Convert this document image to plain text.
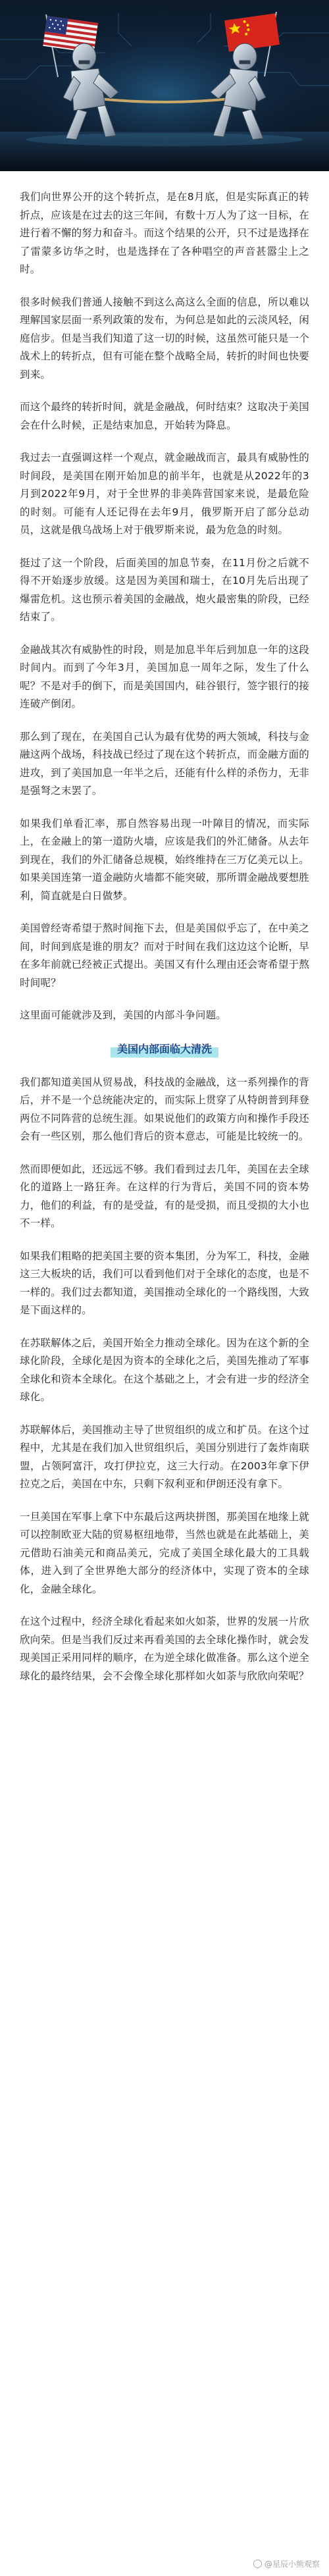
我们向世界公开的这个转折点，是在8月底，但是实际真正的转折点，应该是在过去的这三年间，有数十万人为了这一目标，在进行着不懈的努力和奋斗。而这个结果的公开，只不过是选择在了雷蒙多访华之时，也是选择在了各种唱空的声音甚嚣尘上之时。

很多时候我们普通人接触不到这么高这么全面的信息，所以难以理解国家层面一系列政策的发布，为何总是如此的云淡风轻，闲庭信步。但是当我们知道了这一切的时候，这虽然可能只是一个战术上的转折点，但有可能在整个战略全局，转折的时间也快要到来。

而这个最终的转折时间，就是金融战，何时结束？这取决于美国会在什么时候，正是结束加息，开始转为降息。

我过去一直强调这样一个观点，就金融战而言，最具有威胁性的时间段，是美国在刚开始加息的前半年，也就是从2022年的3月到2022年9月，对于全世界的非美阵营国家来说，是最危险的时刻。可能有人还记得在去年9月，俄罗斯开启了部分总动员，这就是俄乌战场上对于俄罗斯来说，最为危急的时刻。

挺过了这一个阶段，后面美国的加息节奏，在11月份之后就不得不开始逐步放缓。这是因为美国和瑞士，在10月先后出现了爆雷危机。这也预示着美国的金融战，炮火最密集的阶段，已经结束了。

金融战其次有威胁性的时段，则是加息半年后到加息一年的这段时间内。而到了今年3月，美国加息一周年之际，发生了什么呢？不是对手的倒下，而是美国国内，硅谷银行，签字银行的接连破产倒闭。

那么到了现在，在美国自己认为最有优势的两大领域，科技与金融这两个战场，科技战已经过了现在这个转折点，而金融方面的进攻，到了美国加息一年半之后，还能有什么样的杀伤力，无非是强弩之末罢了。

如果我们单看汇率，那自然容易出现一叶障目的情况，而实际上，在金融上的第一道防火墙，应该是我们的外汇储备。从去年到现在，我们的外汇储备总规模，始终维持在三万亿美元以上。如果美国连第一道金融防火墙都不能突破，那所谓金融战要想胜利，简直就是白日做梦。

美国曾经寄希望于熬时间拖下去，但是美国似乎忘了，在中美之间，时间到底是谁的朋友？而对于时间在我们这边这个论断，早在多年前就已经被正式提出。美国又有什么理由还会寄希望于熬时间呢？

这里面可能就涉及到，美国的内部斗争问题。

美国内部面临大清洗

我们都知道美国从贸易战，科技战的金融战，这一系列操作的背后，并不是一个总统能决定的，而实际上贯穿了从特朗普到拜登两位不同阵营的总统生涯。如果说他们的政策方向和操作手段还会有一些区别，那么他们背后的资本意志，可能是比较统一的。

然而即便如此，还远远不够。我们看到过去几年，美国在去全球化的道路上一路狂奔。在这样的行为背后，美国不同的资本势力，他们的利益，有的是受益，有的是受损，而且受损的大小也不一样。

如果我们粗略的把美国主要的资本集团，分为军工，科技，金融这三大板块的话，我们可以看到他们对于全球化的态度，也是不一样的。我们过去都知道，美国推动全球化的一个路线图，大致是下面这样的。

在苏联解体之后，美国开始全力推动全球化。因为在这个新的全球化阶段，全球化是因为资本的全球化之后，美国先推动了军事全球化和资本全球化。在这个基础之上，才会有进一步的经济全球化。

苏联解体后，美国推动主导了世贸组织的成立和扩员。在这个过程中，尤其是在我们加入世贸组织后，美国分别进行了轰炸南联盟，占领阿富汗，攻打伊拉克，这三大行动。在2003年拿下伊拉克之后，美国在中东，只剩下叙利亚和伊朗还没有拿下。

一旦美国在军事上拿下中东最后这两块拼图，那美国在地缘上就可以控制欧亚大陆的贸易枢纽地带，当然也就是在此基础上，美元借助石油美元和商品美元，完成了美国全球化最大的工具载体，进入到了全世界绝大部分的经济体中，实现了资本的全球化，金融全球化。

在这个过程中，经济全球化看起来如火如荼，世界的发展一片欣欣向荣。但是当我们反过来再看美国的去全球化操作时，就会发现美国正采用同样的顺序，在为逆全球化做准备。那么这个逆全球化的最终结果，会不会像全球化那样如火如荼与欣欣向荣呢？

@星辰小熊观察
